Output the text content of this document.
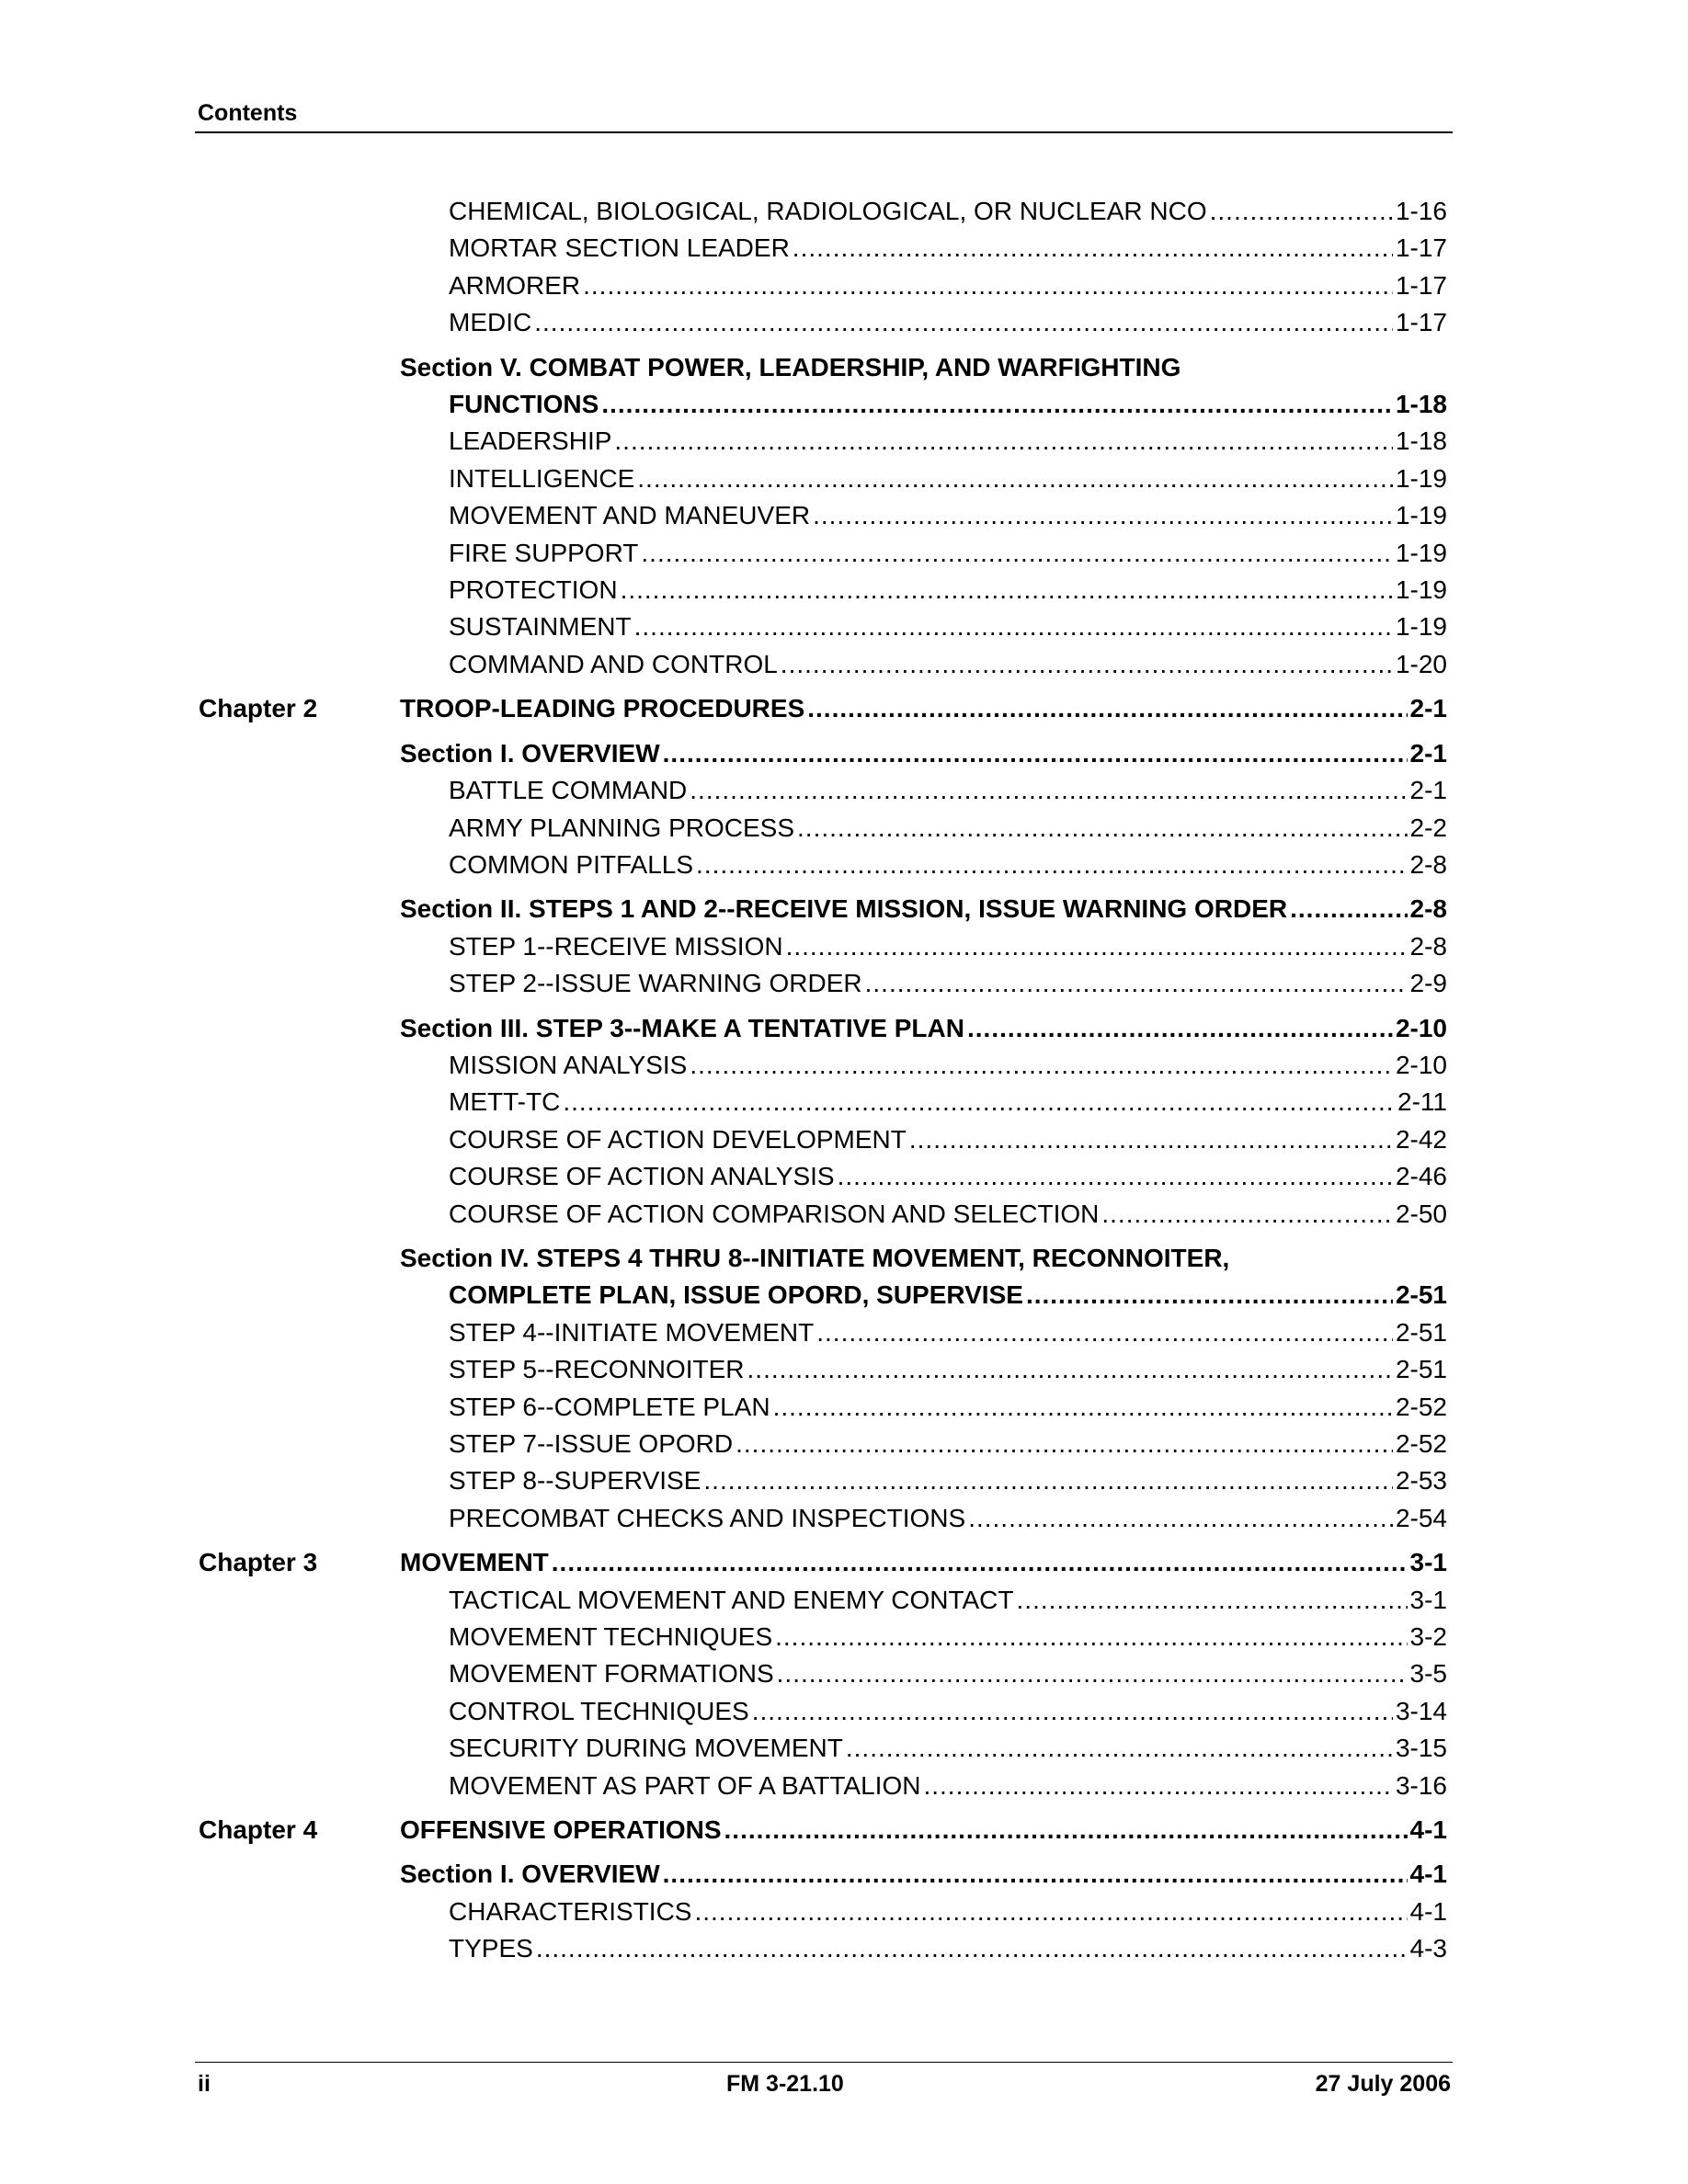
Contents
CHEMICAL, BIOLOGICAL, RADIOLOGICAL, OR NUCLEAR NCO .....	1-16
MORTAR SECTION LEADER .....	1-17
ARMORER .....	1-17
MEDIC .....	1-17
Section V. COMBAT POWER, LEADERSHIP, AND WARFIGHTING
FUNCTIONS .....	1-18
LEADERSHIP .....	1-18
INTELLIGENCE .....	1-19
MOVEMENT AND MANEUVER .....	1-19
FIRE SUPPORT .....	1-19
PROTECTION .....	1-19
SUSTAINMENT .....	1-19
COMMAND AND CONTROL .....	1-20
Chapter 2	TROOP-LEADING PROCEDURES .....	2-1
Section I. OVERVIEW .....	2-1
BATTLE COMMAND .....	2-1
ARMY PLANNING PROCESS .....	2-2
COMMON PITFALLS .....	2-8
Section II. STEPS 1 AND 2--RECEIVE MISSION, ISSUE WARNING ORDER .....	2-8
STEP 1--RECEIVE MISSION .....	2-8
STEP 2--ISSUE WARNING ORDER .....	2-9
Section III. STEP 3--MAKE A TENTATIVE PLAN .....	2-10
MISSION ANALYSIS .....	2-10
METT-TC .....	2-11
COURSE OF ACTION DEVELOPMENT .....	2-42
COURSE OF ACTION ANALYSIS .....	2-46
COURSE OF ACTION COMPARISON AND SELECTION .....	2-50
Section IV. STEPS 4 THRU 8--INITIATE MOVEMENT, RECONNOITER,
COMPLETE PLAN, ISSUE OPORD, SUPERVISE .....	2-51
STEP 4--INITIATE MOVEMENT .....	2-51
STEP 5--RECONNOITER .....	2-51
STEP 6--COMPLETE PLAN .....	2-52
STEP 7--ISSUE OPORD .....	2-52
STEP 8--SUPERVISE .....	2-53
PRECOMBAT CHECKS AND INSPECTIONS .....	2-54
Chapter 3	MOVEMENT .....	3-1
TACTICAL MOVEMENT AND ENEMY CONTACT .....	3-1
MOVEMENT TECHNIQUES .....	3-2
MOVEMENT FORMATIONS .....	3-5
CONTROL TECHNIQUES .....	3-14
SECURITY DURING MOVEMENT .....	3-15
MOVEMENT AS PART OF A BATTALION .....	3-16
Chapter 4	OFFENSIVE OPERATIONS .....	4-1
Section I. OVERVIEW .....	4-1
CHARACTERISTICS .....	4-1
TYPES .....	4-3
ii	FM 3-21.10	27 July 2006
